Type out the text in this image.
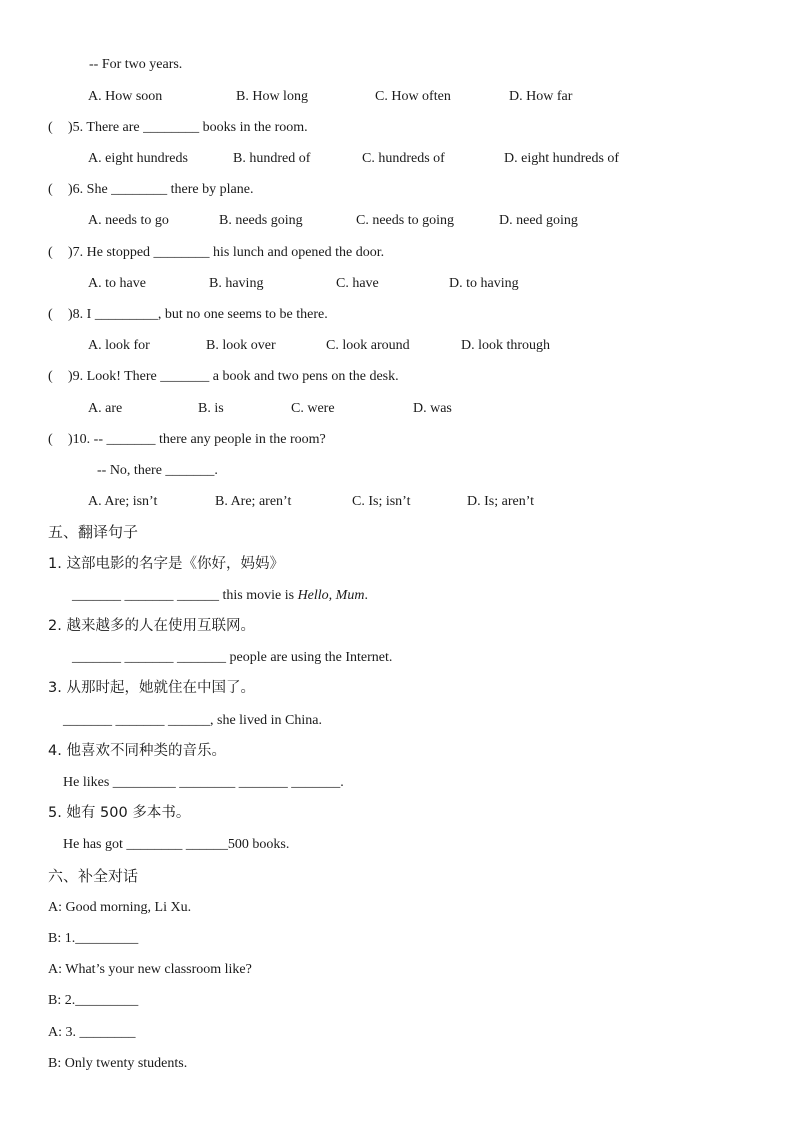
-- For two years.
A. How soon	B. How long	C. How often	D. How far
( )5. There are ________ books in the room.
A. eight hundreds	B. hundred of	C. hundreds of	D. eight hundreds of
( )6. She ________ there by plane.
A. needs to go	B. needs going	C. needs to going	D. need going
( )7. He stopped ________ his lunch and opened the door.
A. to have	B. having	C. have	D. to having
( )8. I _________, but no one seems to be there.
A. look for	B. look over	C. look around	D. look through
( )9. Look! There _______ a book and two pens on the desk.
A. are	B. is	C. were	D. was
( )10. -- _______ there any people in the room?
-- No, there _______.
A. Are; isn’t	B. Are; aren’t	C. Is; isn’t	D. Is; aren’t
五、翻译句子
1. 这部电影的名字是《你好，妈妈》
_______ _______ ______ this movie is Hello, Mum.
2. 越来越多的人在使用互联网。
_______ _______ _______ people are using the Internet.
3. 从那时起，她就住在中国了。
_______ _______ ______, she lived in China.
4. 他喜欢不同种类的音乐。
He likes _________ ________ _______ _______.
5. 她有 500 多本书。
He has got ________ ______500 books.
六、补全对话
A: Good morning, Li Xu.
B: 1._________
A: What’s your new classroom like?
B: 2._________
A: 3. ________
B: Only twenty students.
